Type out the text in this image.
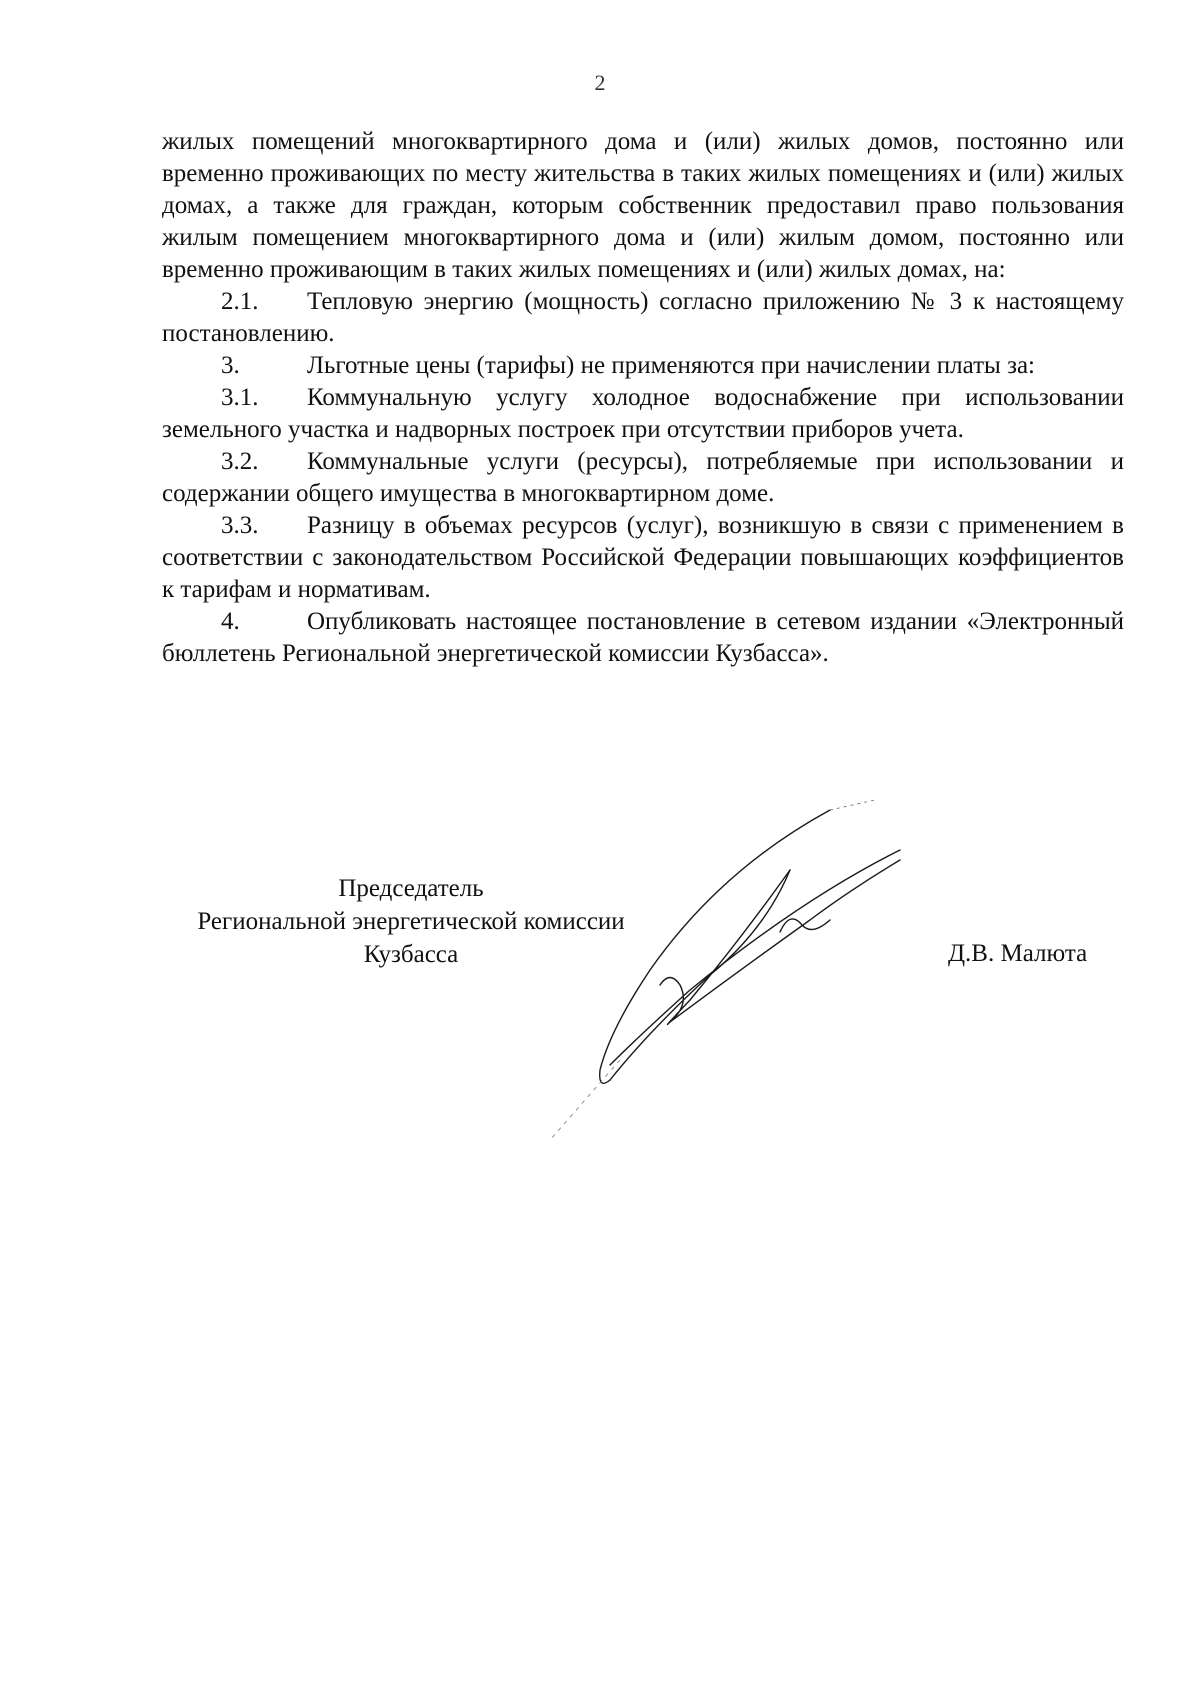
2

жилых помещений многоквартирного дома и (или) жилых домов, постоянно или временно проживающих по месту жительства в таких жилых помещениях и (или) жилых домах, а также для граждан, которым собственник предоставил право пользования жилым помещением многоквартирного дома и (или) жилым домом, постоянно или временно проживающим в таких жилых помещениях и (или) жилых домах, на:

2.1. Тепловую энергию (мощность) согласно приложению № 3 к настоящему постановлению.

3.	Льготные цены (тарифы) не применяются при начислении платы за:

3.1. Коммунальную услугу холодное водоснабжение при использовании земельного участка и надворных построек при отсутствии приборов учета.

3.2. Коммунальные услуги (ресурсы), потребляемые при использовании и содержании общего имущества в многоквартирном доме.

3.3. Разницу в объемах ресурсов (услуг), возникшую в связи с применением в соответствии с законодательством Российской Федерации повышающих коэффициентов к тарифам и нормативам.

4.	Опубликовать настоящее постановление в сетевом издании «Электронный бюллетень Региональной энергетической комиссии Кузбасса».

Председатель
Региональной энергетической комиссии
Кузбасса	Д.В. Малюта
